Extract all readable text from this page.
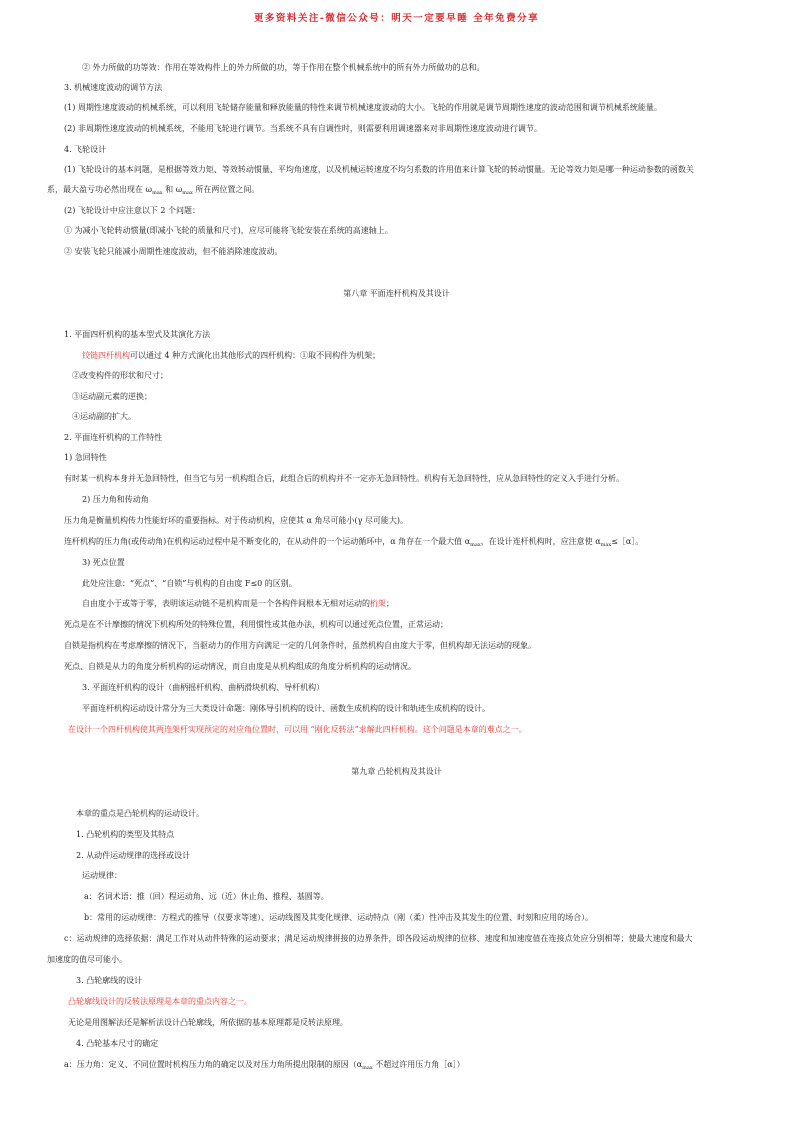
更多资料关注-微信公众号：明天一定要早睡 全年免费分享
② 外力所做的功等效：作用在等效构件上的外力所做的功，等于作用在整个机械系统中的所有外力所做功的总和。
3. 机械速度波动的调节方法
(1) 周期性速度波动的机械系统，可以利用飞轮储存能量和释放能量的特性来调节机械速度波动的大小。飞轮的作用就是调节周期性速度的波动范围和调节机械系统能量。
(2) 非周期性速度波动的机械系统，不能用飞轮进行调节。当系统不具有自调性时，则需要利用调速器来对非周期性速度波动进行调节。
4. 飞轮设计
(1) 飞轮设计的基本问题，是根据等效力矩、等效转动惯量、平均角速度，以及机械运转速度不均匀系数的许用值来计算飞轮的转动惯量。无论等效力矩是哪一种运动参数的函数关
系，最大盈亏功必然出现在 $\omega_{max}$ 和 $\omega_{max}$ 所在两位置之间。
(2) 飞轮设计中应注意以下 2 个问题：
① 为减小飞轮转动惯量(即减小飞轮的质量和尺寸)，应尽可能将飞轮安装在系统的高速轴上。
② 安装飞轮只能减小周期性速度波动，但不能消除速度波动。
第八章 平面连杆机构及其设计
1. 平面四杆机构的基本型式及其演化方法
铰链四杆机构可以通过 4 种方式演化出其他形式的四杆机构：①取不同构件为机架；
②改变构件的形状和尺寸；
③运动副元素的逆换；
④运动副的扩大。
2. 平面连杆机构的工作特性
1) 急回特性
有时某一机构本身并无急回特性，但当它与另一机构组合后，此组合后的机构并不一定亦无急回特性。机构有无急回特性，应从急回特性的定义入手进行分析。
2) 压力角和传动角
压力角是衡量机构传力性能好坏的重要指标。对于传动机构，应使其 α 角尽可能小(γ 尽可能大)。
连杆机构的压力角(或传动角)在机构运动过程中是不断变化的，在从动件的一个运动循环中，α 角存在一个最大值 $\alpha_{max}$，在设计连杆机构时，应注意使 $\alpha_{max}\le[\alpha]$。
3) 死点位置
此处应注意：“死点”、“自锁”与机构的自由度 F≤0 的区别。
自由度小于或等于零，表明该运动链不是机构而是一个各构件间根本无相对运动的桁架；
死点是在不计摩擦的情况下机构所处的特殊位置，利用惯性或其他办法，机构可以通过死点位置，正常运动；
自锁是指机构在考虑摩擦的情况下，当驱动力的作用方向满足一定的几何条件时，虽然机构自由度大于零，但机构却无法运动的现象。
死点、自锁是从力的角度分析机构的运动情况，而自由度是从机构组成的角度分析机构的运动情况。
3. 平面连杆机构的设计（曲柄摇杆机构、曲柄滑块机构、导杆机构）
平面连杆机构运动设计常分为三大类设计命题：刚体导引机构的设计、函数生成机构的设计和轨迹生成机构的设计。
在设计一个四杆机构使其两连架杆实现预定的对应角位置时，可以用 “刚化反转法”求解此四杆机构。这个问题是本章的难点之一。
第九章 凸轮机构及其设计
本章的重点是凸轮机构的运动设计。
1. 凸轮机构的类型及其特点
2. 从动件运动规律的选择或设计
运动规律：
a：名词术语：推（回）程运动角、远（近）休止角、推程、基圆等。
b：常用的运动规律：方程式的推导（仅要求等速）、运动线图及其变化规律、运动特点（刚（柔）性冲击及其发生的位置、时刻和应用的场合）。
c：运动规律的选择依据：满足工作对从动件特殊的运动要求；满足运动规律拼接的边界条件，即各段运动规律的位移、速度和加速度值在连接点处应分别相等；使最大速度和最大
加速度的值尽可能小。
3. 凸轮廓线的设计
凸轮廓线设计的反转法原理是本章的重点内容之一。
无论是用图解法还是解析法设计凸轮廓线，所依据的基本原理都是反转法原理。
4. 凸轮基本尺寸的确定
a：压力角：定义、不同位置时机构压力角的确定以及对压力角所提出限制的原因（$\alpha_{max}$ 不超过许用压力角［α］）
